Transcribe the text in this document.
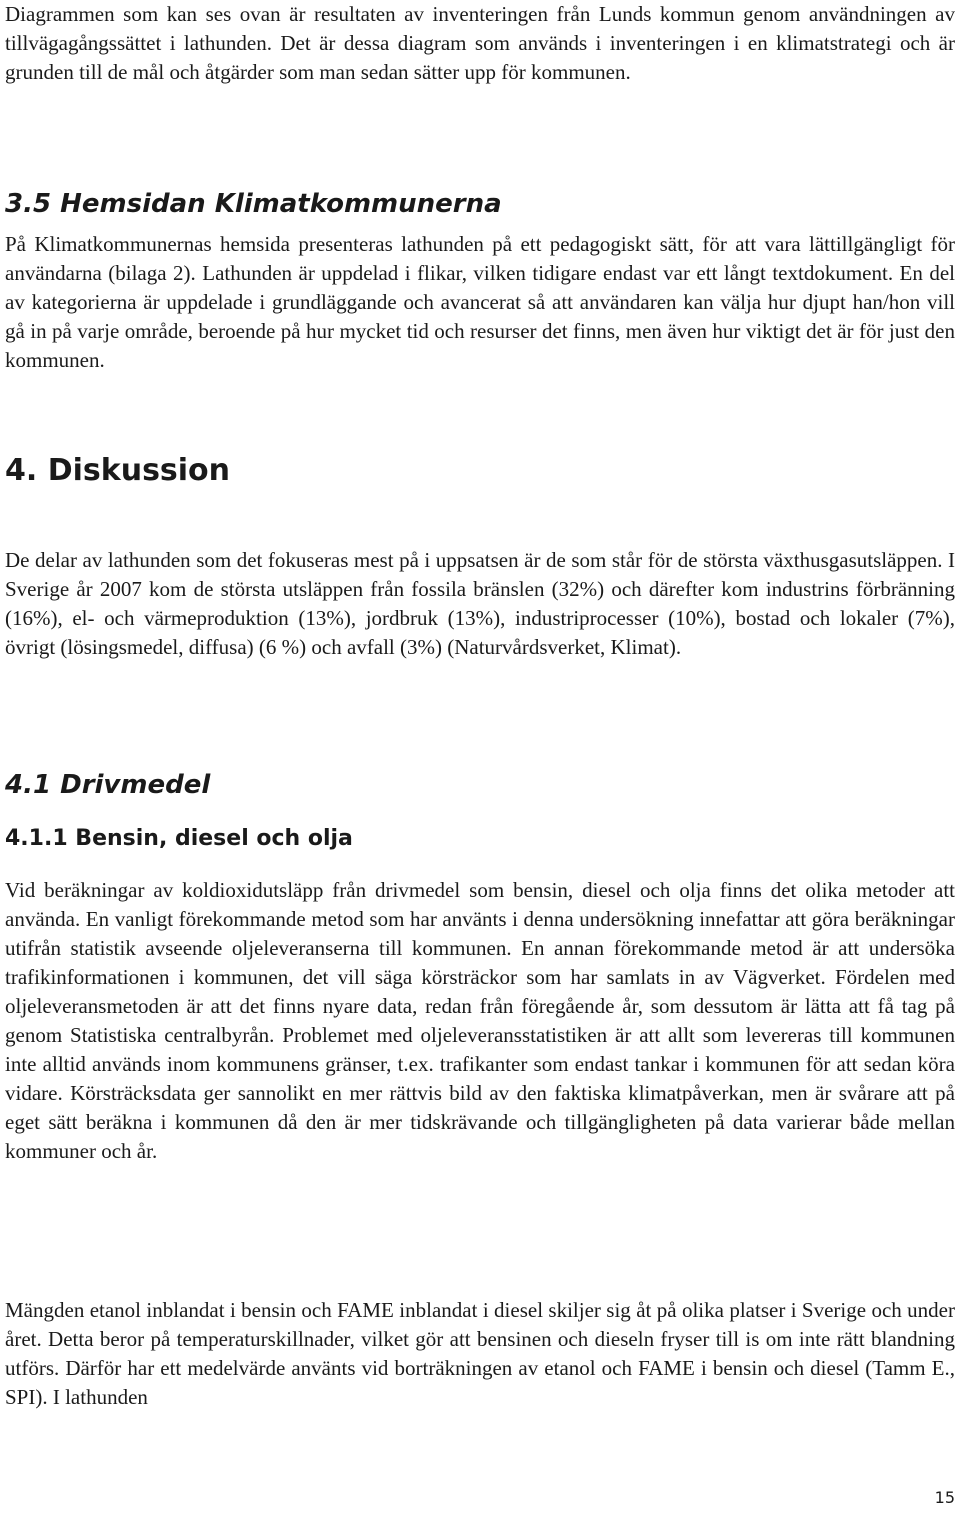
Diagrammen som kan ses ovan är resultaten av inventeringen från Lunds kommun genom användningen av tillvägagångssättet i lathunden. Det är dessa diagram som används i inventeringen i en klimatstrategi och är grunden till de mål och åtgärder som man sedan sätter upp för kommunen.

3.5 Hemsidan Klimatkommunerna

På Klimatkommunernas hemsida presenteras lathunden på ett pedagogiskt sätt, för att vara lättillgängligt för användarna (bilaga 2). Lathunden är uppdelad i flikar, vilken tidigare endast var ett långt textdokument. En del av kategorierna är uppdelade i grundläggande och avancerat så att användaren kan välja hur djupt han/hon vill gå in på varje område, beroende på hur mycket tid och resurser det finns, men även hur viktigt det är för just den kommunen.

4. Diskussion

De delar av lathunden som det fokuseras mest på i uppsatsen är de som står för de största växthusgasutsläppen. I Sverige år 2007 kom de största utsläppen från fossila bränslen (32%) och därefter kom industrins förbränning (16%), el- och värmeproduktion (13%), jordbruk (13%), industriprocesser (10%), bostad och lokaler (7%), övrigt (lösingsmedel, diffusa) (6 %) och avfall (3%) (Naturvårdsverket, Klimat).

4.1 Drivmedel
4.1.1 Bensin, diesel och olja

Vid beräkningar av koldioxidutsläpp från drivmedel som bensin, diesel och olja finns det olika metoder att använda. En vanligt förekommande metod som har använts i denna undersökning innefattar att göra beräkningar utifrån statistik avseende oljeleveranserna till kommunen. En annan förekommande metod är att undersöka trafikinformationen i kommunen, det vill säga körsträckor som har samlats in av Vägverket. Fördelen med oljeleveransmetoden är att det finns nyare data, redan från föregående år, som dessutom är lätta att få tag på genom Statistiska centralbyrån. Problemet med oljeleveransstatistiken är att allt som levereras till kommunen inte alltid används inom kommunens gränser, t.ex. trafikanter som endast tankar i kommunen för att sedan köra vidare. Körsträcksdata ger sannolikt en mer rättvis bild av den faktiska klimatpåverkan, men är svårare att på eget sätt beräkna i kommunen då den är mer tidskrävande och tillgängligheten på data varierar både mellan kommuner och år.

Mängden etanol inblandat i bensin och FAME inblandat i diesel skiljer sig åt på olika platser i Sverige och under året. Detta beror på temperaturskillnader, vilket gör att bensinen och dieseln fryser till is om inte rätt blandning utförs. Därför har ett medelvärde använts vid borträkningen av etanol och FAME i bensin och diesel (Tamm E., SPI). I lathunden

15
